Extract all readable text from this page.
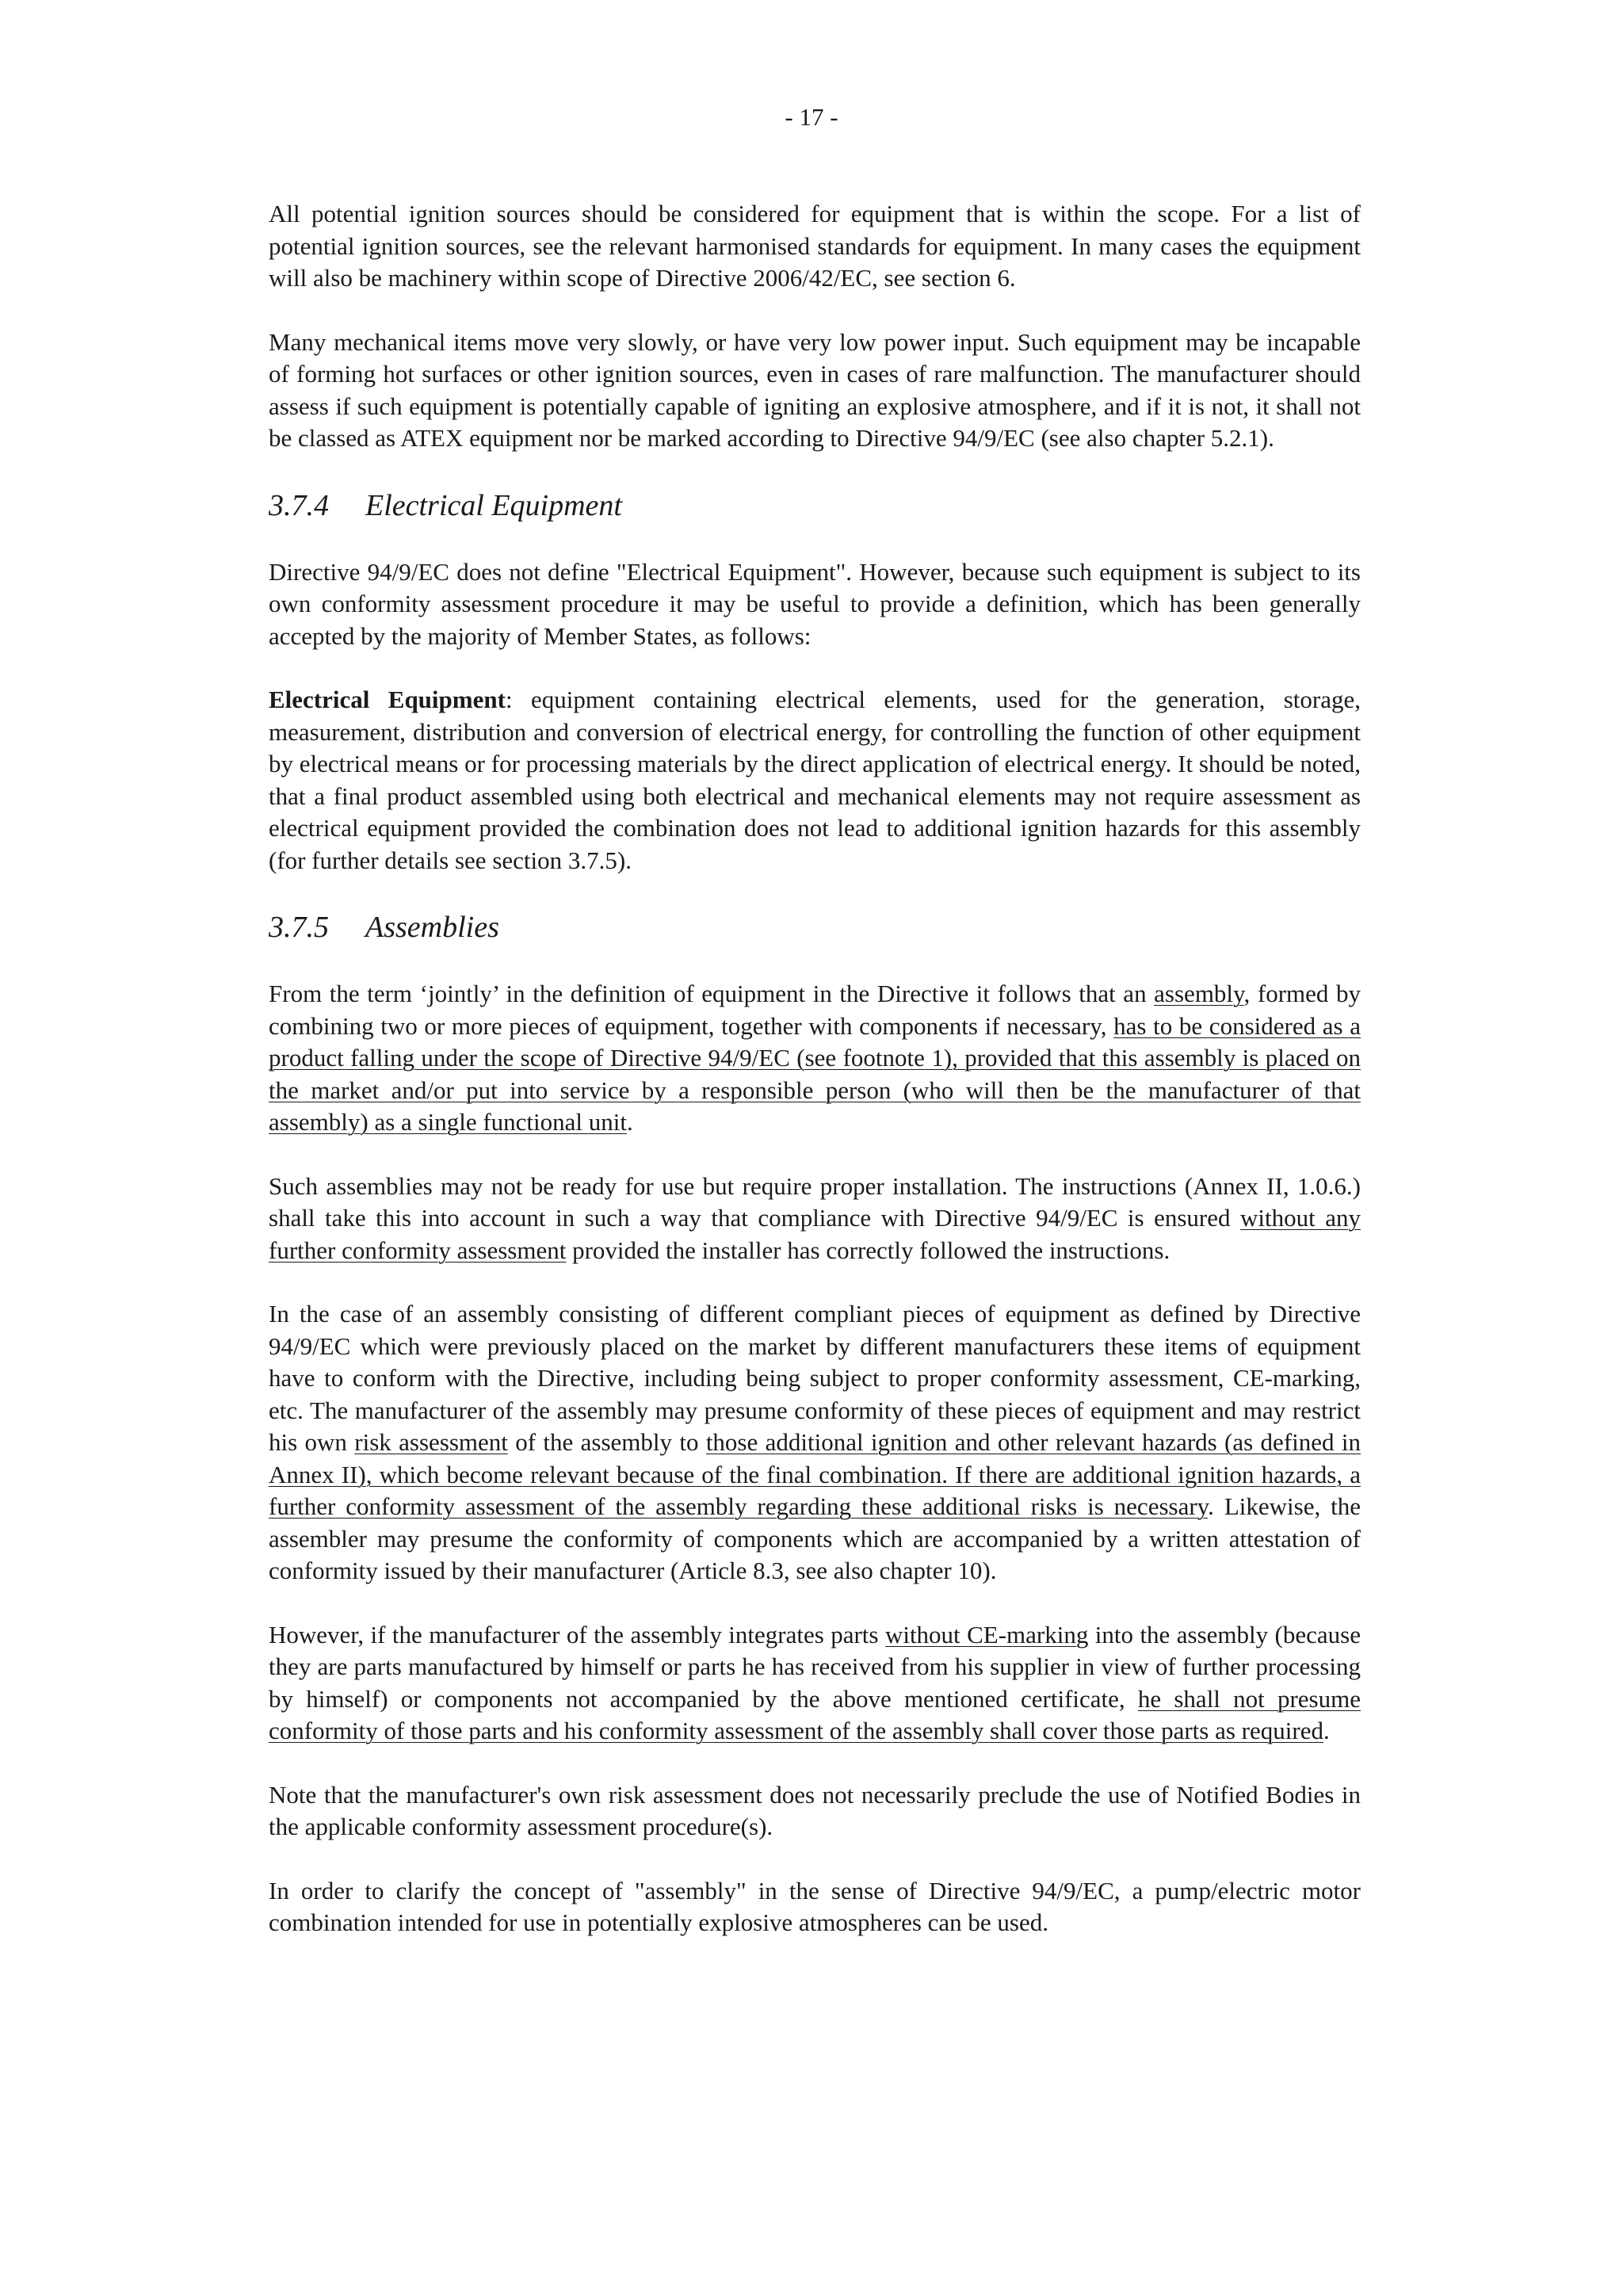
- 17 -

All potential ignition sources should be considered for equipment that is within the scope. For a list of potential ignition sources, see the relevant harmonised standards for equipment. In many cases the equipment will also be machinery within scope of Directive 2006/42/EC, see section 6.

Many mechanical items move very slowly, or have very low power input. Such equipment may be incapable of forming hot surfaces or other ignition sources, even in cases of rare malfunction. The manufacturer should assess if such equipment is potentially capable of igniting an explosive atmosphere, and if it is not, it shall not be classed as ATEX equipment nor be marked according to Directive 94/9/EC (see also chapter 5.2.1).

3.7.4 Electrical Equipment

Directive 94/9/EC does not define "Electrical Equipment". However, because such equipment is subject to its own conformity assessment procedure it may be useful to provide a definition, which has been generally accepted by the majority of Member States, as follows:

Electrical Equipment: equipment containing electrical elements, used for the generation, storage, measurement, distribution and conversion of electrical energy, for controlling the function of other equipment by electrical means or for processing materials by the direct application of electrical energy. It should be noted, that a final product assembled using both electrical and mechanical elements may not require assessment as electrical equipment provided the combination does not lead to additional ignition hazards for this assembly (for further details see section 3.7.5).

3.7.5 Assemblies

From the term ‘jointly’ in the definition of equipment in the Directive it follows that an assembly, formed by combining two or more pieces of equipment, together with components if necessary, has to be considered as a product falling under the scope of Directive 94/9/EC (see footnote 1), provided that this assembly is placed on the market and/or put into service by a responsible person (who will then be the manufacturer of that assembly) as a single functional unit.

Such assemblies may not be ready for use but require proper installation. The instructions (Annex II, 1.0.6.) shall take this into account in such a way that compliance with Directive 94/9/EC is ensured without any further conformity assessment provided the installer has correctly followed the instructions.

In the case of an assembly consisting of different compliant pieces of equipment as defined by Directive 94/9/EC which were previously placed on the market by different manufacturers these items of equipment have to conform with the Directive, including being subject to proper conformity assessment, CE-marking, etc. The manufacturer of the assembly may presume conformity of these pieces of equipment and may restrict his own risk assessment of the assembly to those additional ignition and other relevant hazards (as defined in Annex II), which become relevant because of the final combination. If there are additional ignition hazards, a further conformity assessment of the assembly regarding these additional risks is necessary. Likewise, the assembler may presume the conformity of components which are accompanied by a written attestation of conformity issued by their manufacturer (Article 8.3, see also chapter 10).

However, if the manufacturer of the assembly integrates parts without CE-marking into the assembly (because they are parts manufactured by himself or parts he has received from his supplier in view of further processing by himself) or components not accompanied by the above mentioned certificate, he shall not presume conformity of those parts and his conformity assessment of the assembly shall cover those parts as required.

Note that the manufacturer's own risk assessment does not necessarily preclude the use of Notified Bodies in the applicable conformity assessment procedure(s).

In order to clarify the concept of "assembly" in the sense of Directive 94/9/EC, a pump/electric motor combination intended for use in potentially explosive atmospheres can be used.
